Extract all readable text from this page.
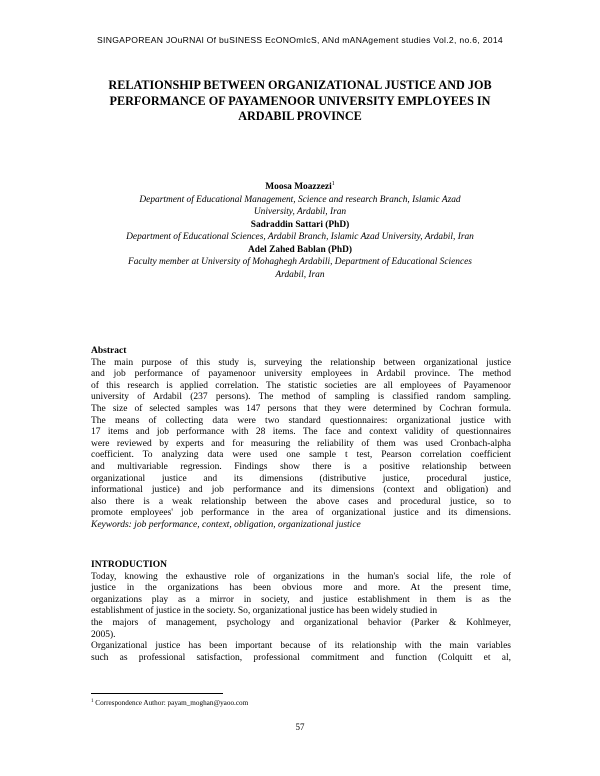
SINGAPOREAN JOuRNAl Of buSINESS EcONOmIcS, ANd mANAgement studies Vol.2, no.6, 2014
RELATIONSHIP BETWEEN ORGANIZATIONAL JUSTICE AND JOB
PERFORMANCE OF PAYAMENOOR UNIVERSITY EMPLOYEES IN
ARDABIL PROVINCE
Moosa Moazzezi$^1$
Department of Educational Management, Science and research Branch, Islamic Azad
University, Ardabil, Iran
Sadraddin Sattari (PhD)
Department of Educational Sciences, Ardabil Branch, Islamic Azad University, Ardabil, Iran
Adel Zahed Bablan (PhD)
Faculty member at University of Mohaghegh Ardabili, Department of Educational Sciences
Ardabil, Iran
Abstract
The main purpose of this study is, surveying the relationship between organizational justice
and job performance of payamenoor university employees in Ardabil province. The method
of this research is applied correlation. The statistic societies are all employees of Payamenoor
university of Ardabil (237 persons). The method of sampling is classified random sampling.
The size of selected samples was 147 persons that they were determined by Cochran formula.
The means of collecting data were two standard questionnaires: organizational justice with
17 items and job performance with 28 items. The face and context validity of questionnaires
were reviewed by experts and for measuring the reliability of them was used Cronbach-alpha
coefficient. To analyzing data were used one sample t test, Pearson correlation coefficient
and multivariable regression. Findings show there is a positive relationship between
organizational justice and its dimensions (distributive justice, procedural justice,
informational justice) and job performance and its dimensions (context and obligation) and
also there is a weak relationship between the above cases and procedural justice, so to
promote employees' job performance in the area of organizational justice and its dimensions.
Keywords: job performance, context, obligation, organizational justice
INTRODUCTION
Today, knowing the exhaustive role of organizations in the human's social life, the role of
justice in the organizations has been obvious more and more. At the present time,
organizations play as a mirror in society, and justice establishment in them is as the
establishment of justice in the society. So, organizational justice has been widely studied in
the majors of management, psychology and organizational behavior (Parker & Kohlmeyer,
2005).
Organizational justice has been important because of its relationship with the main variables
such as professional satisfaction, professional commitment and function (Colquitt et al,
$^1$ Correspondence Author: payam_moghan@yaoo.com
57
